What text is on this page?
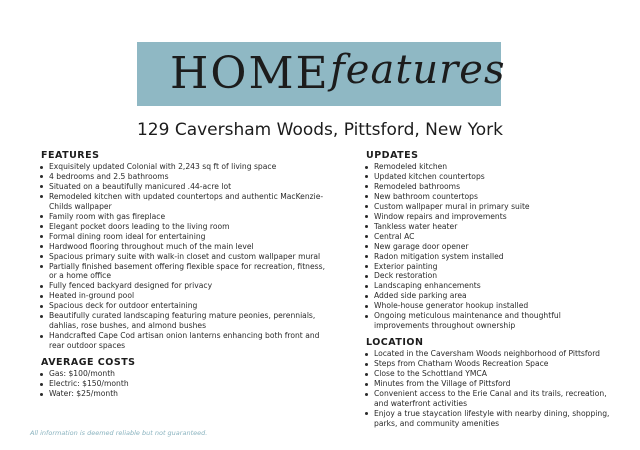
HOME features
129 Caversham Woods, Pittsford, New York
FEATURES
Exquisitely updated Colonial with 2,243 sq ft of living space
4 bedrooms and 2.5 bathrooms
Situated on a beautifully manicured .44-acre lot
Remodeled kitchen with updated countertops and authentic MacKenzie-Childs wallpaper
Family room with gas fireplace
Elegant pocket doors leading to the living room
Formal dining room ideal for entertaining
Hardwood flooring throughout much of the main level
Spacious primary suite with walk-in closet and custom wallpaper mural
Partially finished basement offering flexible space for recreation, fitness, or a home office
Fully fenced backyard designed for privacy
Heated in-ground pool
Spacious deck for outdoor entertaining
Beautifully curated landscaping featuring mature peonies, perennials, dahlias, rose bushes, and almond bushes
Handcrafted Cape Cod artisan onion lanterns enhancing both front and rear outdoor spaces
AVERAGE COSTS
Gas: $100/month
Electric: $150/month
Water: $25/month
UPDATES
Remodeled kitchen
Updated kitchen countertops
Remodeled bathrooms
New bathroom countertops
Custom wallpaper mural in primary suite
Window repairs and improvements
Tankless water heater
Central AC
New garage door opener
Radon mitigation system installed
Exterior painting
Deck restoration
Landscaping enhancements
Added side parking area
Whole-house generator hookup installed
Ongoing meticulous maintenance and thoughtful improvements throughout ownership
LOCATION
Located in the Caversham Woods neighborhood of Pittsford
Steps from Chatham Woods Recreation Space
Close to the Schottland YMCA
Minutes from the Village of Pittsford
Convenient access to the Erie Canal and its trails, recreation, and waterfront activities
Enjoy a true staycation lifestyle with nearby dining, shopping, parks, and community amenities
All information is deemed reliable but not guaranteed.
